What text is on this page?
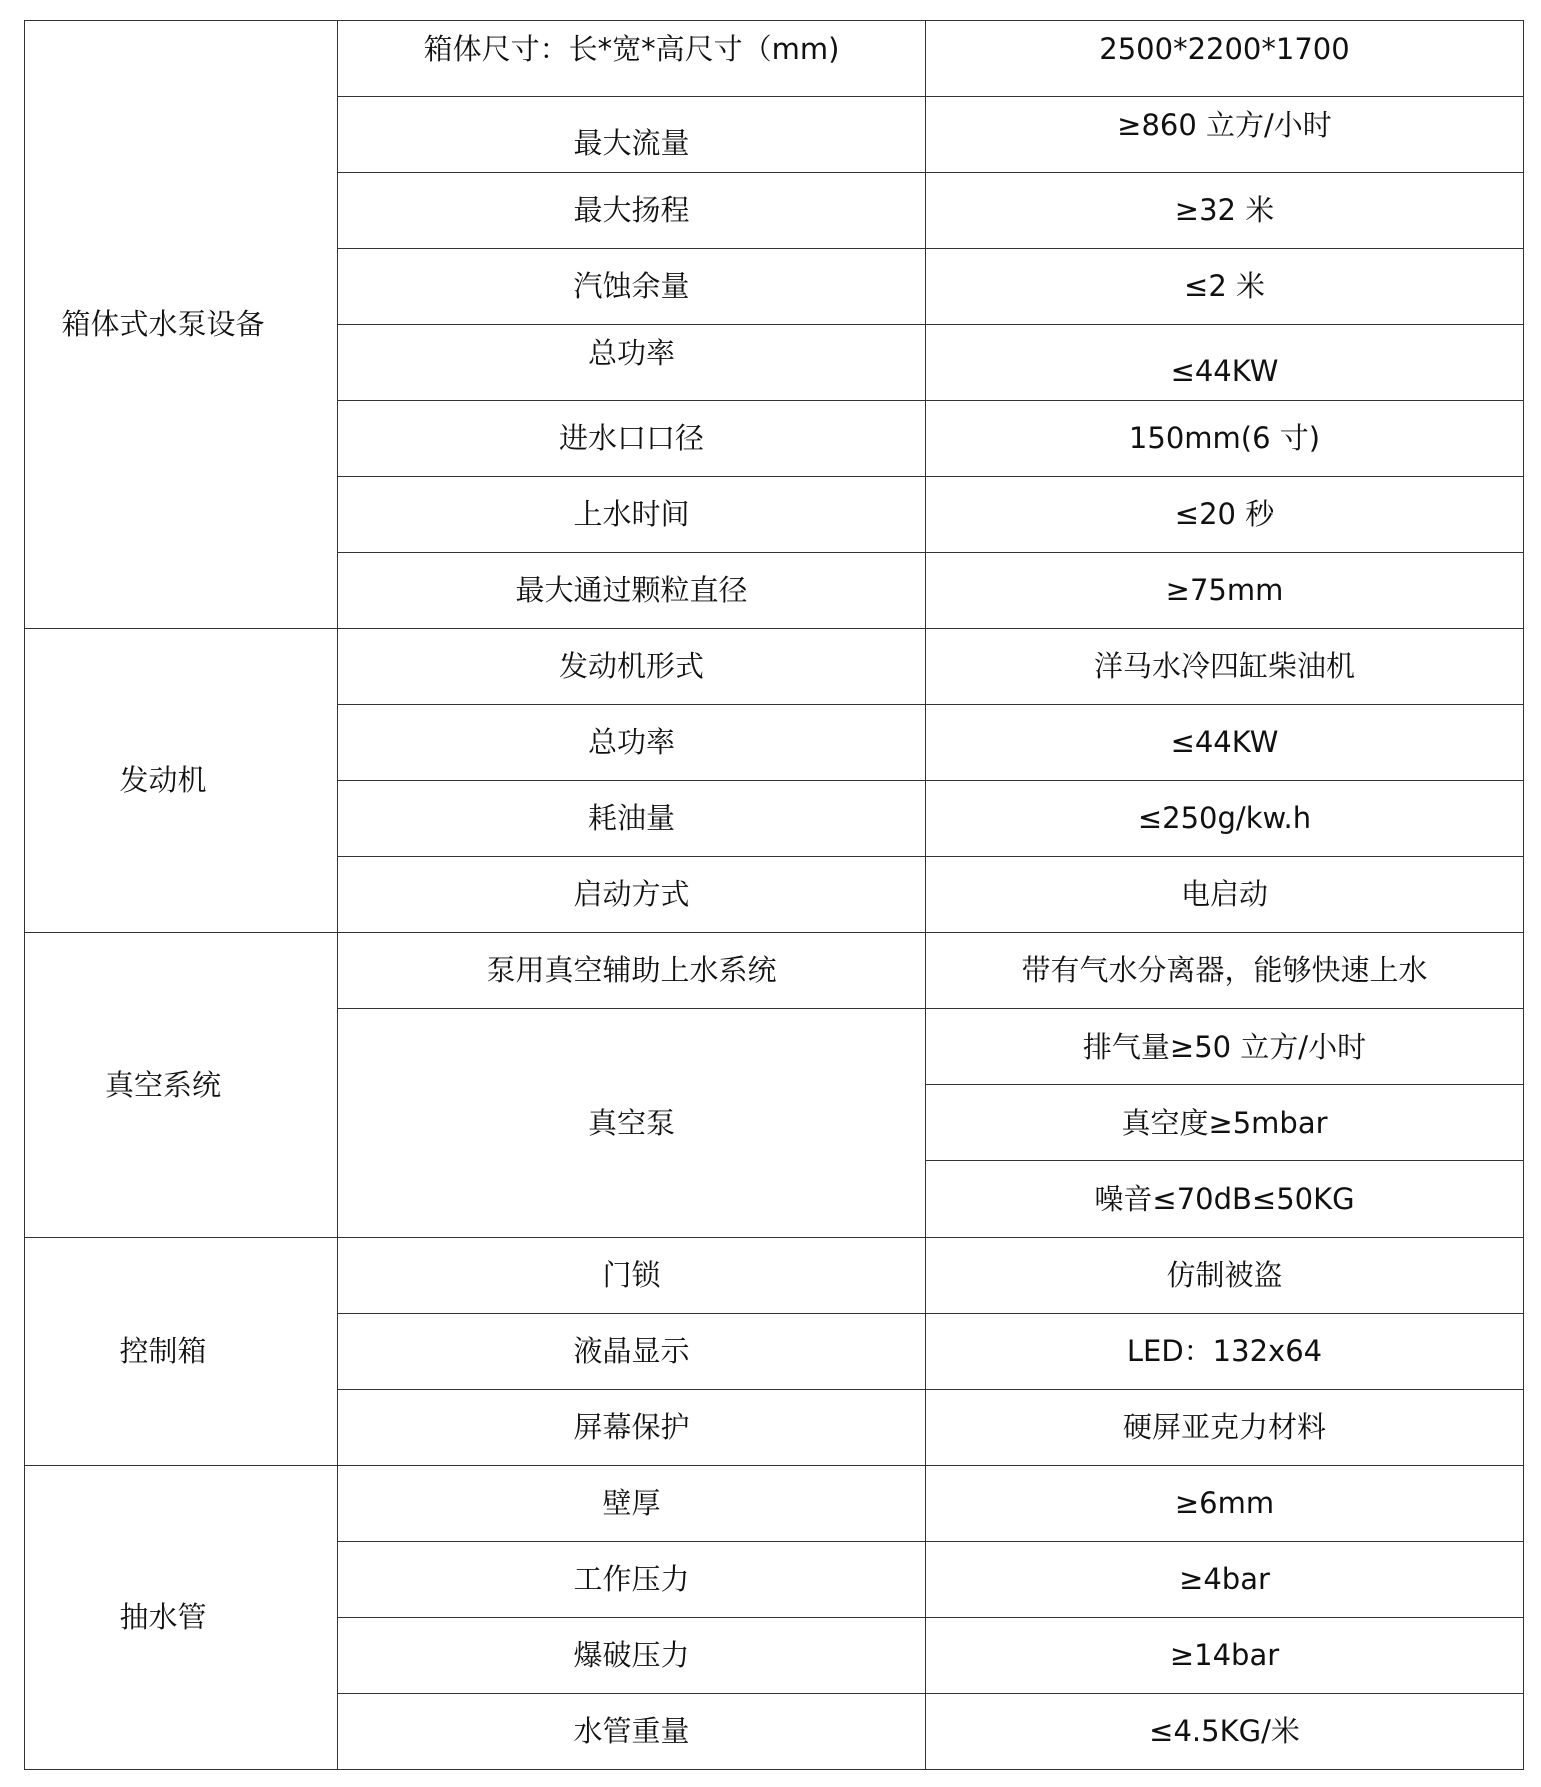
箱体式水泵设备	箱体尺寸：长*宽*高尺寸（mm)	2500*2200*1700
	最大流量	≥860 立方/小时
	最大扬程	≥32 米
	汽蚀余量	≤2 米
	总功率	≤44KW
	进水口口径	150mm(6 寸)
	上水时间	≤20 秒
	最大通过颗粒直径	≥75mm
发动机	发动机形式	洋马水冷四缸柴油机
	总功率	≤44KW
	耗油量	≤250g/kw.h
	启动方式	电启动
真空系统	泵用真空辅助上水系统	带有气水分离器，能够快速上水
	真空泵	排气量≥50 立方/小时
		真空度≥5mbar
		噪音≤70dB≤50KG
控制箱	门锁	仿制被盗
	液晶显示	LED：132x64
	屏幕保护	硬屏亚克力材料
抽水管	壁厚	≥6mm
	工作压力	≥4bar
	爆破压力	≥14bar
	水管重量	≤4.5KG/米
